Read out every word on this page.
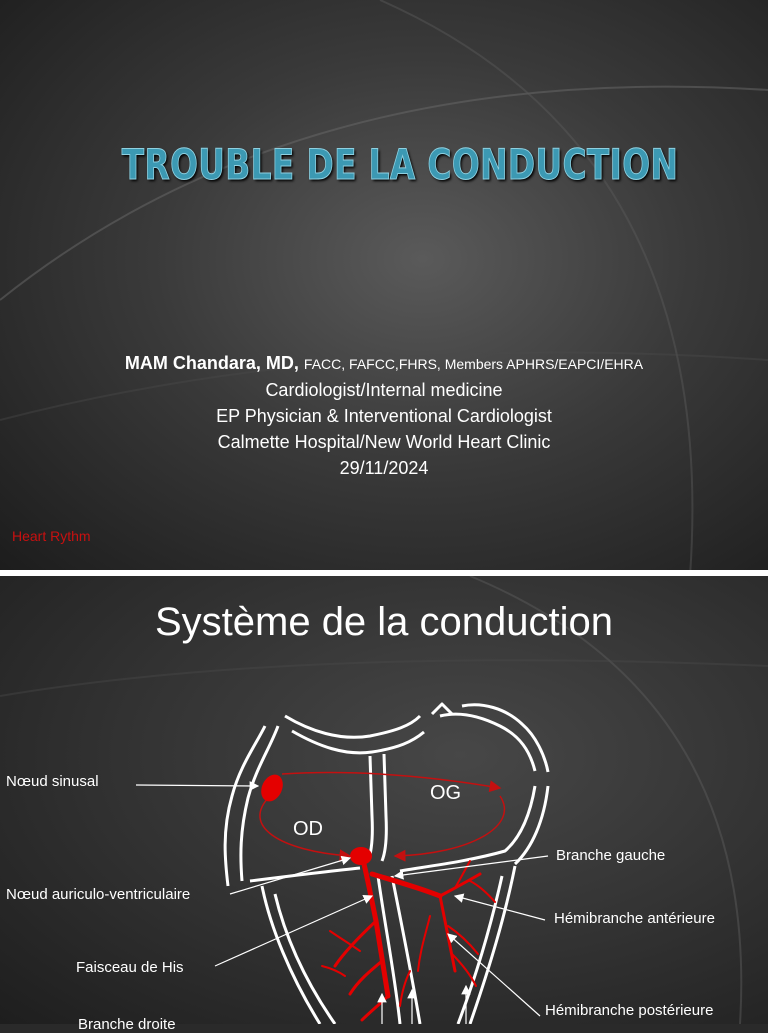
TROUBLE DE LA CONDUCTION
MAM Chandara, MD, FACC, FAFCC,FHRS, Members APHRS/EAPCI/EHRA
Cardiologist/Internal medicine
EP Physician & Interventional Cardiologist
Calmette Hospital/New World Heart Clinic
29/11/2024
Heart Rythm
Système de la conduction
OD
OG
Nœud sinusal
Nœud auriculo-ventriculaire
Faisceau de His
Branche droite
Branche gauche
Hémibranche antérieure
Hémibranche postérieure
